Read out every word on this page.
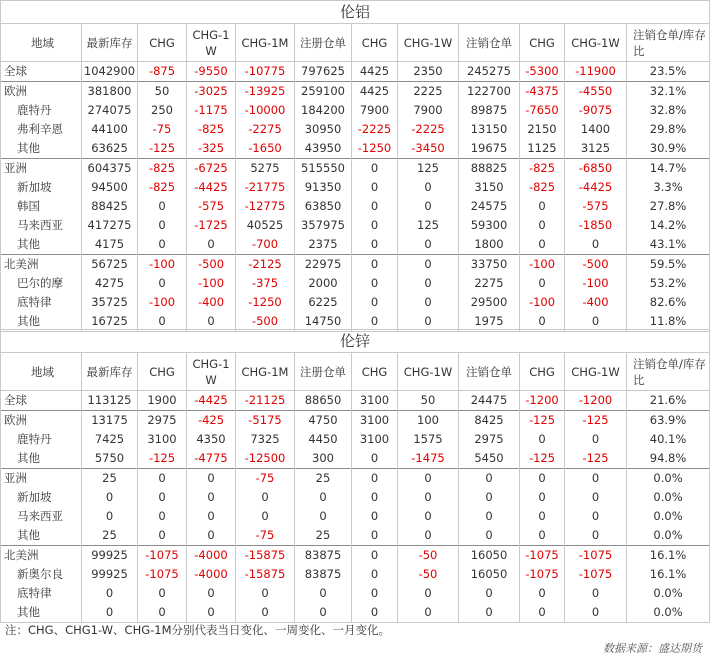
伦铝											
地域	最新库存	CHG	CHG-1W	CHG-1M	注册仓单	CHG	CHG-1W	注销仓单	CHG	CHG-1W	注销仓单/库存比
全球	1042900	-875	-9550	-10775	797625	4425	2350	245275	-5300	-11900	23.5%
欧洲	381800	50	-3025	-13925	259100	4425	2225	122700	-4375	-4550	32.1%
鹿特丹	274075	250	-1175	-10000	184200	7900	7900	89875	-7650	-9075	32.8%
弗利辛恩	44100	-75	-825	-2275	30950	-2225	-2225	13150	2150	1400	29.8%
其他	63625	-125	-325	-1650	43950	-1250	-3450	19675	1125	3125	30.9%
亚洲	604375	-825	-6725	5275	515550	0	125	88825	-825	-6850	14.7%
新加坡	94500	-825	-4425	-21775	91350	0	0	3150	-825	-4425	3.3%
韩国	88425	0	-575	-12775	63850	0	0	24575	0	-575	27.8%
马来西亚	417275	0	-1725	40525	357975	0	125	59300	0	-1850	14.2%
其他	4175	0	0	-700	2375	0	0	1800	0	0	43.1%
北美洲	56725	-100	-500	-2125	22975	0	0	33750	-100	-500	59.5%
巴尔的摩	4275	0	-100	-375	2000	0	0	2275	0	-100	53.2%
底特律	35725	-100	-400	-1250	6225	0	0	29500	-100	-400	82.6%
其他	16725	0	0	-500	14750	0	0	1975	0	0	11.8%
伦锌											
地域	最新库存	CHG	CHG-1W	CHG-1M	注册仓单	CHG	CHG-1W	注销仓单	CHG	CHG-1W	注销仓单/库存比
全球	113125	1900	-4425	-21125	88650	3100	50	24475	-1200	-1200	21.6%
欧洲	13175	2975	-425	-5175	4750	3100	100	8425	-125	-125	63.9%
鹿特丹	7425	3100	4350	7325	4450	3100	1575	2975	0	0	40.1%
其他	5750	-125	-4775	-12500	300	0	-1475	5450	-125	-125	94.8%
亚洲	25	0	0	-75	25	0	0	0	0	0	0.0%
新加坡	0	0	0	0	0	0	0	0	0	0	0.0%
马来西亚	0	0	0	0	0	0	0	0	0	0	0.0%
其他	25	0	0	-75	25	0	0	0	0	0	0.0%
北美洲	99925	-1075	-4000	-15875	83875	0	-50	16050	-1075	-1075	16.1%
新奥尔良	99925	-1075	-4000	-15875	83875	0	-50	16050	-1075	-1075	16.1%
底特律	0	0	0	0	0	0	0	0	0	0	0.0%
其他	0	0	0	0	0	0	0	0	0	0	0.0%
注：CHG、CHG1-W、CHG-1M分别代表当日变化、一周变化、一月变化。
数据来源：盛达期货
